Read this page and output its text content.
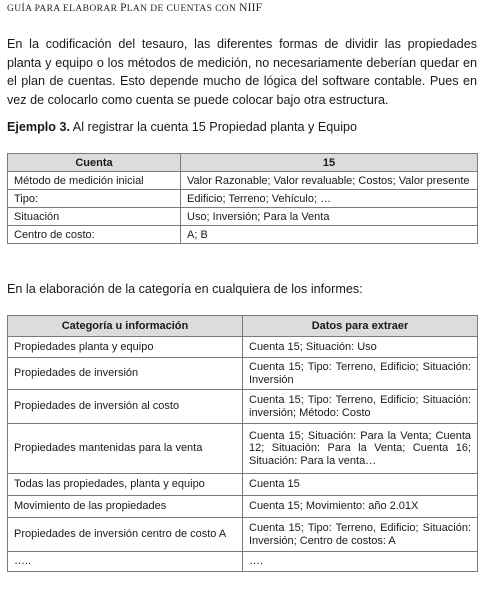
GUÍA PARA ELABORAR PLAN DE CUENTAS CON NIIF

En la codificación del tesauro, las diferentes formas de dividir las propiedades planta y equipo o los métodos de medición, no necesariamente deberían quedar en el plan de cuentas. Esto depende mucho de lógica del software contable. Pues en vez de colocarlo como cuenta se puede colocar bajo otra estructura.

Ejemplo 3. Al registrar la cuenta 15 Propiedad planta y Equipo

Cuenta	15
Método de medición inicial	Valor Razonable; Valor revaluable; Costos; Valor presente
Tipo:	Edificio; Terreno; Vehículo; …
Situación	Uso; Inversión; Para la Venta
Centro de costo:	A; B

En la elaboración de la categoría en cualquiera de los informes:

Categoría u información	Datos para extraer
Propiedades planta y equipo	Cuenta 15; Situación: Uso
Propiedades de inversión	Cuenta 15; Tipo: Terreno, Edificio; Situación: Inversión
Propiedades de inversión al costo	Cuenta 15; Tipo: Terreno, Edificio; Situación: inversión; Método: Costo
Propiedades mantenidas para la venta	Cuenta 15; Situación: Para la Venta; Cuenta 12; Situación: Para la Venta; Cuenta 16; Situación: Para la venta…
Todas las propiedades, planta y equipo	Cuenta 15
Movimiento de las propiedades	Cuenta 15; Movimiento: año 2.01X
Propiedades de inversión centro de costo A	Cuenta 15; Tipo: Terreno, Edificio; Situación: Inversión; Centro de costos: A
…..	….
